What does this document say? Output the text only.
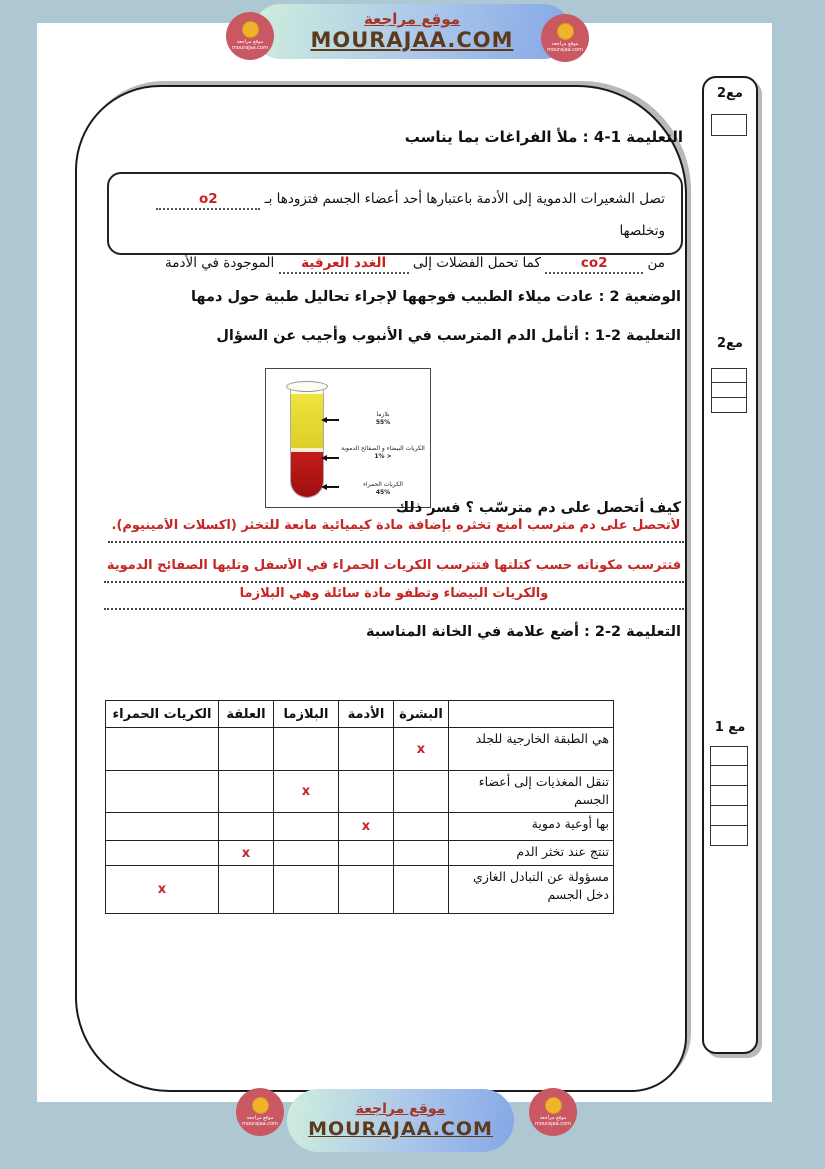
مع2
مع2
مع 1
التعليمة 1-4 : ملأ الفراغات بما يناسب
تصل الشعيرات الدموية إلى الأدمة باعتبارها أحد أعضاء الجسم فتزودها بـ o2 وتخلصها
من co2 كما تحمل الفضلات إلى الغدد العرقية الموجودة في الأدمة
الوضعية 2 : عادت ميلاء الطبيب فوجهها لإجراء تحاليل طبية حول دمها
التعليمة 2-1 : أتأمل الدم المترسب في الأنبوب وأجيب عن السؤال
بلازما
55%
الكريات البيضاء و الصفائح الدموية
< 1%
الكريات الحمراء
45%
كيف أتحصل على دم مترسّب ؟ فسر ذلك
لأتحصل على دم مترسب أمنع تخثره بإضافة مادة كيميائية مانعة للتخثر (اكسلات الأمينيوم).
فتترسب مكوناته حسب كتلتها فتترسب الكريات الحمراء في الأسفل وتليها الصفائح الدموية
والكريات البيضاء وتطفو مادة سائلة وهي البلازما
التعليمة 2-2 : أضع علامة في الخانة المناسبة
	البشرة	الأدمة	البلازما	العلقة	الكريات الحمراء
هي الطبقة الخارجية للجلد	x				
تنقل المغذيات إلى أعضاء الجسم			x		
بها أوعية دموية		x			
تنتج عند تخثر الدم				x	
مسؤولة عن التبادل الغازي دخل الجسم					x
موقع مراجعة
MOURAJAA.COM
موقع مراجعة
mourajaa.com
موقع مراجعة
mourajaa.com
موقع مراجعة
MOURAJAA.COM
موقع مراجعة
mourajaa.com
موقع مراجعة
mourajaa.com
